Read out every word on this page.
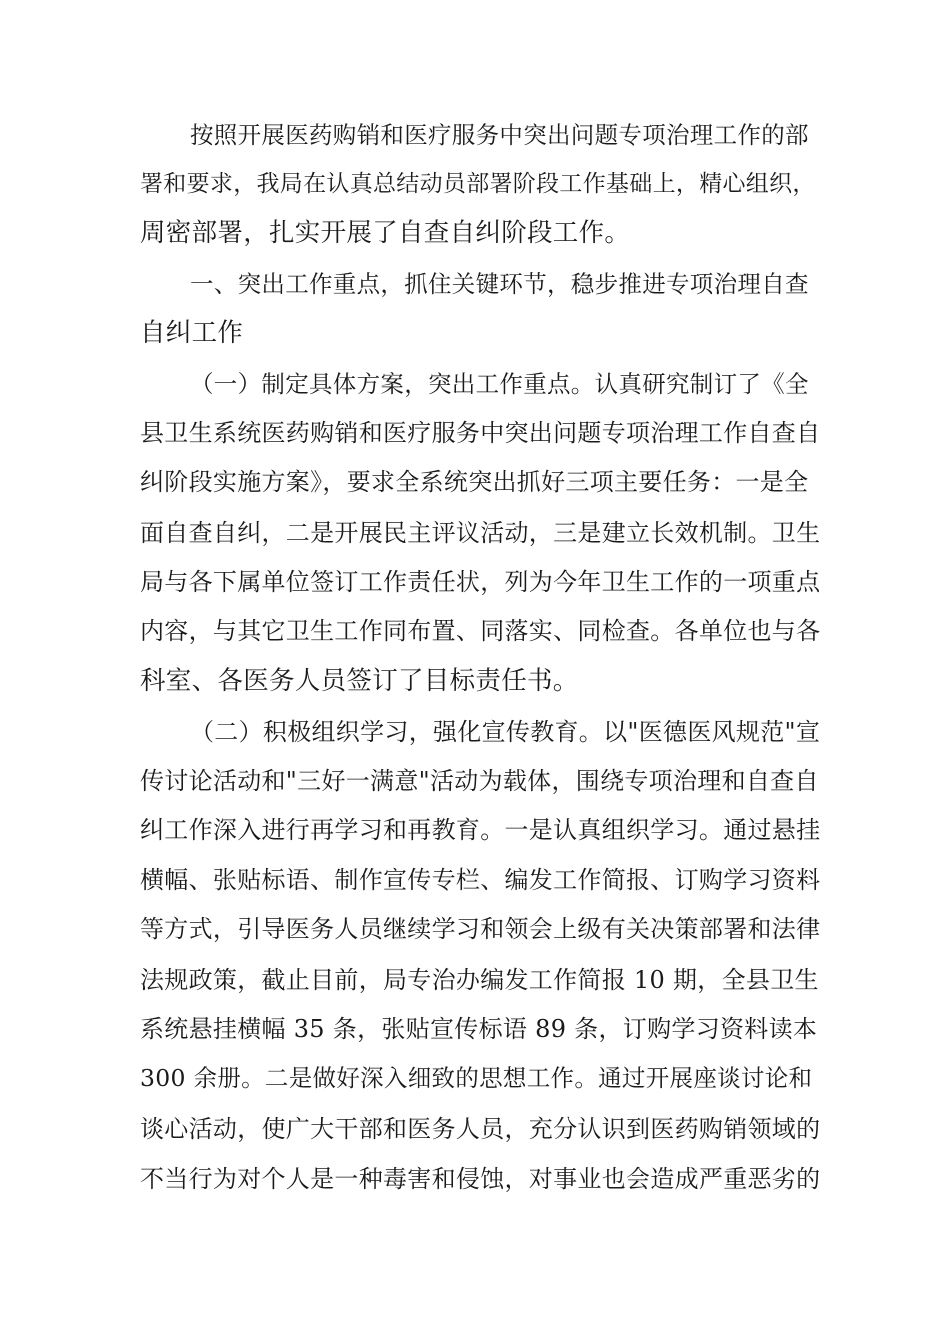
按照开展医药购销和医疗服务中突出问题专项治理工作的部
署和要求，我局在认真总结动员部署阶段工作基础上，精心组织，
周密部署，扎实开展了自查自纠阶段工作。
一、突出工作重点，抓住关键环节，稳步推进专项治理自查
自纠工作
（一）制定具体方案，突出工作重点。认真研究制订了《全
县卫生系统医药购销和医疗服务中突出问题专项治理工作自查自
纠阶段实施方案》，要求全系统突出抓好三项主要任务：一是全
面自查自纠，二是开展民主评议活动，三是建立长效机制。卫生
局与各下属单位签订工作责任状，列为今年卫生工作的一项重点
内容，与其它卫生工作同布置、同落实、同检查。各单位也与各
科室、各医务人员签订了目标责任书。
（二）积极组织学习，强化宣传教育。以"医德医风规范"宣
传讨论活动和"三好一满意"活动为载体，围绕专项治理和自查自
纠工作深入进行再学习和再教育。一是认真组织学习。通过悬挂
横幅、张贴标语、制作宣传专栏、编发工作简报、订购学习资料
等方式，引导医务人员继续学习和领会上级有关决策部署和法律
法规政策，截止目前，局专治办编发工作简报 10 期，全县卫生
系统悬挂横幅 35 条，张贴宣传标语 89 条，订购学习资料读本
300 余册。二是做好深入细致的思想工作。通过开展座谈讨论和
谈心活动，使广大干部和医务人员，充分认识到医药购销领域的
不当行为对个人是一种毒害和侵蚀，对事业也会造成严重恶劣的
